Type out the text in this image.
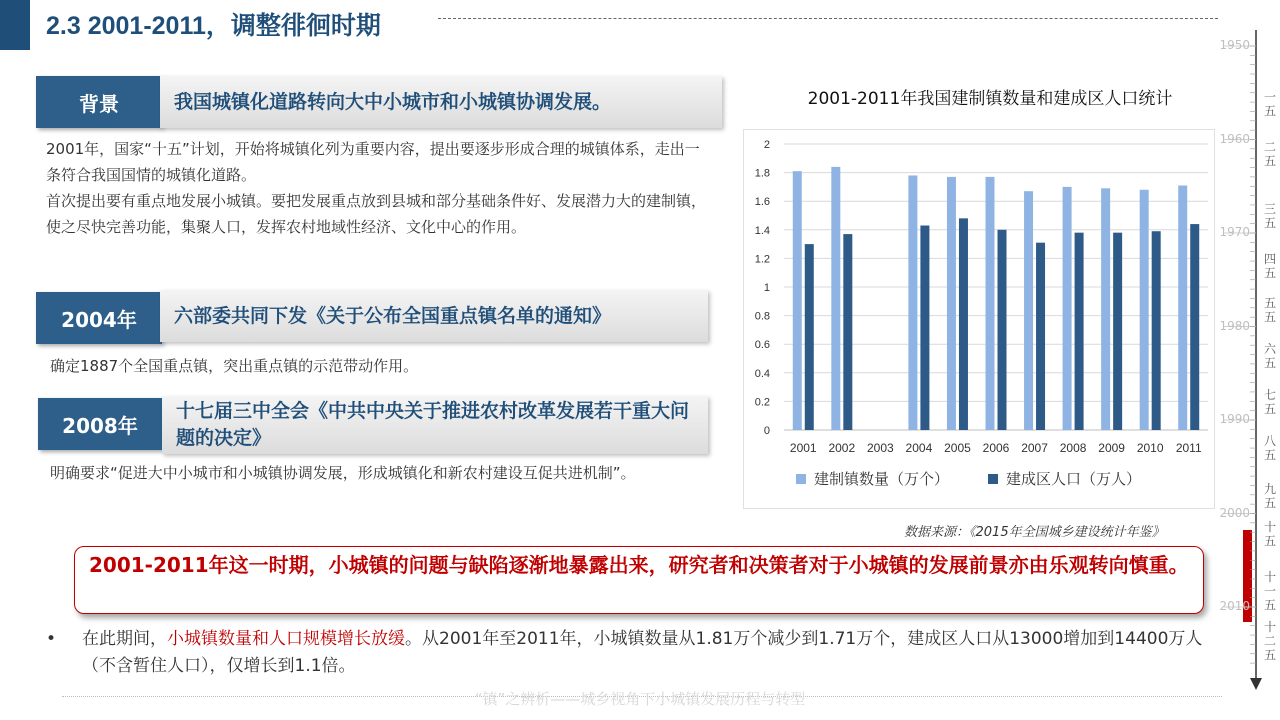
2.3 2001-2011，调整徘徊时期
背景	我国城镇化道路转向大中小城市和小城镇协调发展。
2001年，国家“十五”计划，开始将城镇化列为重要内容，提出要逐步形成合理的城镇体系，走出一条符合我国国情的城镇化道路。
首次提出要有重点地发展小城镇。要把发展重点放到县城和部分基础条件好、发展潜力大的建制镇，使之尽快完善功能，集聚人口，发挥农村地域性经济、文化中心的作用。
2004年	六部委共同下发《关于公布全国重点镇名单的通知》
确定1887个全国重点镇，突出重点镇的示范带动作用。
2008年
十七届三中全会《中共中央关于推进农村改革发展若干重大问题的决定》
明确要求“促进大中小城市和小城镇协调发展，形成城镇化和新农村建设互促共进机制”。
2001-2011年我国建制镇数量和建成区人口统计
0
0.2
0.4
0.6
0.8
1
1.2
1.4
1.6
1.8
2
2001 2002 2003 2004 2005 2006 2007 2008 2009 2010 2011
建制镇数量（万个）	建成区人口（万人）
数据来源：《2015年全国城乡建设统计年鉴》
2001-2011年这一时期，小城镇的问题与缺陷逐渐地暴露出来，研究者和决策者对于小城镇的发展前景亦由乐观转向慎重。
•	在此期间，小城镇数量和人口规模增长放缓。从2001年至2011年，小城镇数量从1.81万个减少到1.71万个，建成区人口从13000增加到14400万人（不含暂住人口），仅增长到1.1倍。
“镇”之辨析——城乡视角下小城镇发展历程与转型
1950
1960
1970
1980
1990
2000
2010
一五
二五
三五
四五
五五
六五
七五
八五
九五
十五
十一五
十二五
